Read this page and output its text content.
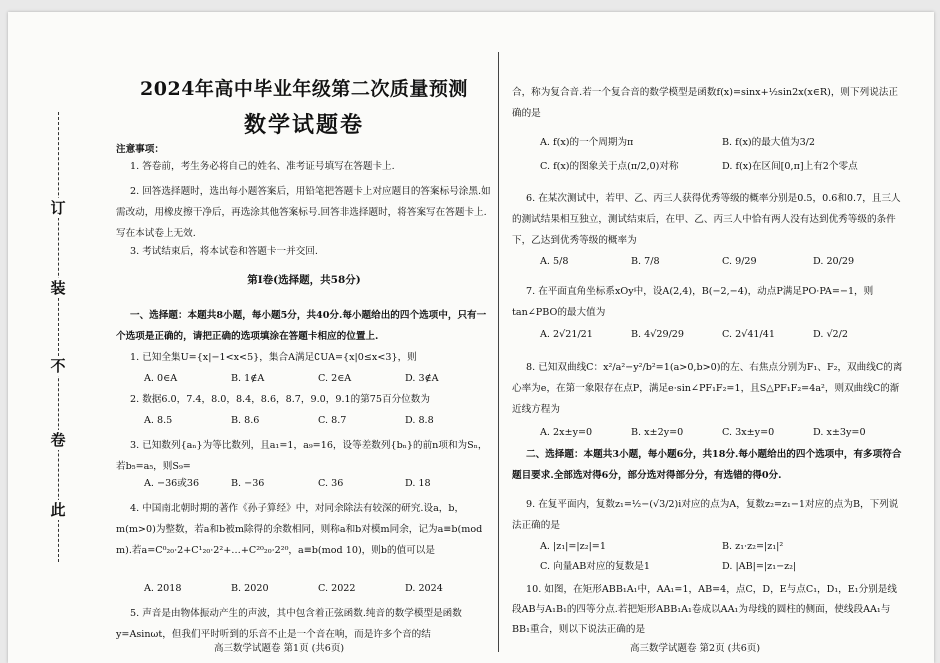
订
装
不
卷
此
2024年高中毕业年级第二次质量预测
数学试题卷
注意事项：
1. 答卷前，考生务必将自己的姓名、准考证号填写在答题卡上.
2. 回答选择题时，选出每小题答案后，用铅笔把答题卡上对应题目的答案标号涂黑.如需改动，用橡皮擦干净后，再选涂其他答案标号.回答非选择题时，将答案写在答题卡上.写在本试卷上无效.
3. 考试结束后，将本试卷和答题卡一并交回.
第Ⅰ卷(选择题，共58分)
一、选择题：本题共8小题，每小题5分，共40分.每小题给出的四个选项中，只有一个选项是正确的，请把正确的选项填涂在答题卡相应的位置上.
1. 已知全集U={x|−1<x<5}，集合A满足∁UA={x|0≤x<3}，则
A. 0∈A	B. 1∉A	C. 2∈A	D. 3∉A
2. 数据6.0，7.4，8.0，8.4，8.6，8.7，9.0，9.1的第75百分位数为
A. 8.5	B. 8.6	C. 8.7	D. 8.8
3. 已知数列{aₙ}为等比数列，且a₁=1，a₉=16，设等差数列{bₙ}的前n项和为Sₙ，若b₅=a₅，则S₉=
A. −36或36	B. −36	C. 36	D. 18
4. 中国南北朝时期的著作《孙子算经》中，对同余除法有较深的研究.设a，b，m(m>0)为整数，若a和b被m除得的余数相同，则称a和b对模m同余，记为a≡b(mod m).若a=C⁰₂₀·2+C¹₂₀·2²+…+C²⁰₂₀·2²⁰，a≡b(mod 10)，则b的值可以是
A. 2018	B. 2020	C. 2022	D. 2024
5. 声音是由物体振动产生的声波，其中包含着正弦函数.纯音的数学模型是函数y=Asinωt，但我们平时听到的乐音不止是一个音在响，而是许多个音的结
合，称为复合音.若一个复合音的数学模型是函数f(x)=sinx+½sin2x(x∈R)，则下列说法正确的是
A. f(x)的一个周期为π	B. f(x)的最大值为3/2
C. f(x)的图象关于点(π/2,0)对称	D. f(x)在区间[0,π]上有2个零点
6. 在某次测试中，若甲、乙、丙三人获得优秀等级的概率分别是0.5，0.6和0.7，且三人的测试结果相互独立，测试结束后，在甲、乙、丙三人中恰有两人没有达到优秀等级的条件下，乙达到优秀等级的概率为
A. 5/8	B. 7/8	C. 9/29	D. 20/29
7. 在平面直角坐标系xOy中，设A(2,4)，B(−2,−4)，动点P满足PO·PA=−1，则tan∠PBO的最大值为
A. 2√21/21	B. 4√29/29	C. 2√41/41	D. √2/2
8. 已知双曲线C：x²/a²−y²/b²=1(a>0,b>0)的左、右焦点分别为F₁、F₂，双曲线C的离心率为e，在第一象限存在点P，满足e·sin∠PF₁F₂=1，且S△PF₁F₂=4a²，则双曲线C的渐近线方程为
A. 2x±y=0	B. x±2y=0	C. 3x±y=0	D. x±3y=0
二、选择题：本题共3小题，每小题6分，共18分.每小题给出的四个选项中，有多项符合题目要求.全部选对得6分，部分选对得部分分，有选错的得0分.
9. 在复平面内，复数z₁=½−(√3/2)i对应的点为A，复数z₂=z₁−1对应的点为B，下列说法正确的是
A. |z₁|=|z₂|=1	B. z₁·z₂=|z₁|²
C. 向量AB对应的复数是1	D. |AB|=|z₁−z₂|
10. 如图，在矩形ABB₁A₁中，AA₁=1，AB=4，点C，D，E与点C₁，D₁，E₁分别是线段AB与A₁B₁的四等分点.若把矩形ABB₁A₁卷成以AA₁为母线的圆柱的侧面，使线段AA₁与BB₁重合，则以下说法正确的是
高三数学试题卷 第1页 (共6页)	高三数学试题卷 第2页 (共6页)
